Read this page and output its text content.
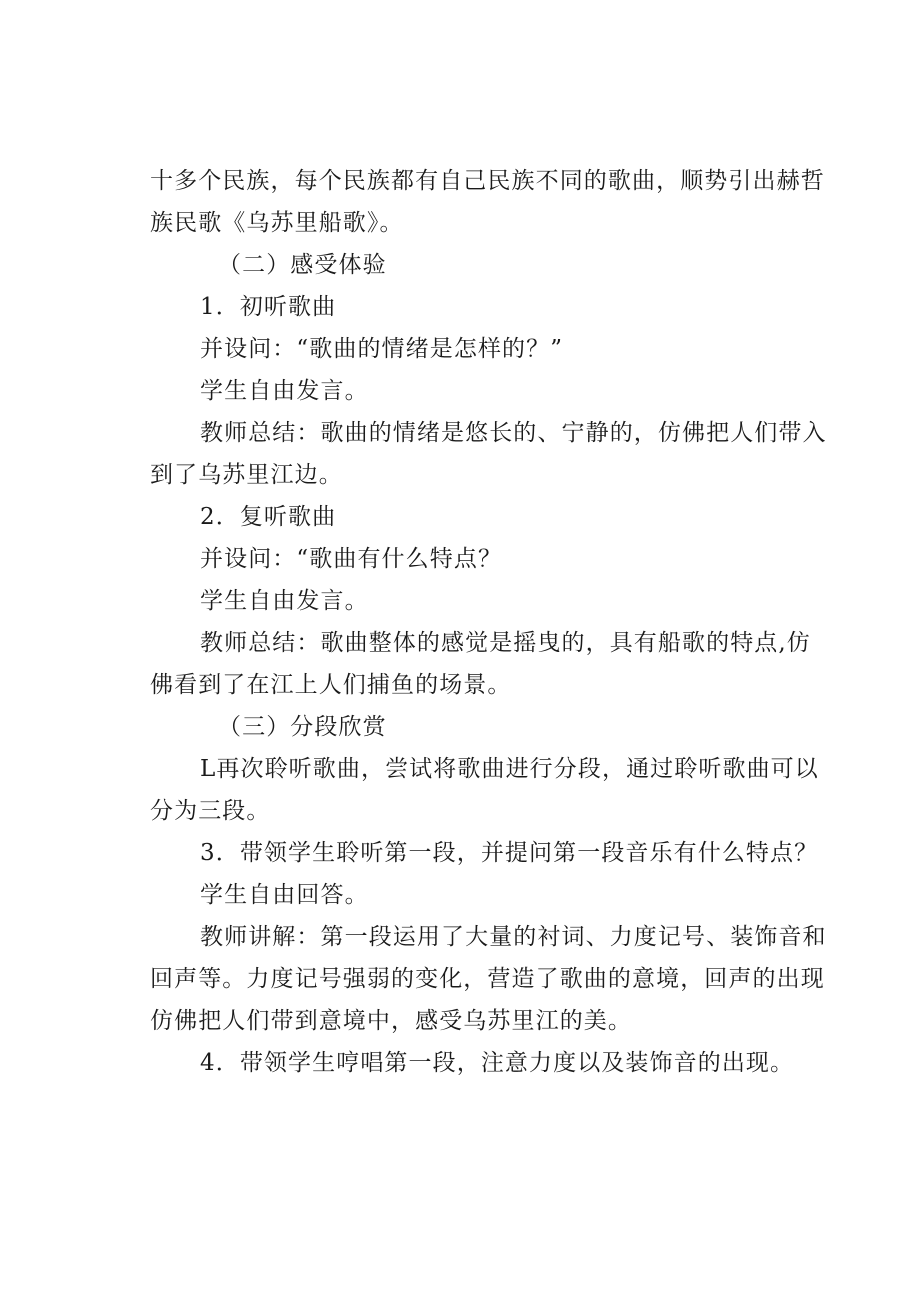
十多个民族，每个民族都有自己民族不同的歌曲，顺势引出赫哲

族民歌《乌苏里船歌》。

（二）感受体验

1．初听歌曲

并设问：“歌曲的情绪是怎样的？”

学生自由发言。

教师总结：歌曲的情绪是悠长的、宁静的，仿佛把人们带入

到了乌苏里江边。

2．复听歌曲

并设问：“歌曲有什么特点？

学生自由发言。

教师总结：歌曲整体的感觉是摇曳的，具有船歌的特点,仿

佛看到了在江上人们捕鱼的场景。

（三）分段欣赏

L再次聆听歌曲，尝试将歌曲进行分段，通过聆听歌曲可以

分为三段。

3．带领学生聆听第一段，并提问第一段音乐有什么特点？

学生自由回答。

教师讲解：第一段运用了大量的衬词、力度记号、装饰音和

回声等。力度记号强弱的变化，营造了歌曲的意境，回声的出现

仿佛把人们带到意境中，感受乌苏里江的美。

4．带领学生哼唱第一段，注意力度以及装饰音的出现。
